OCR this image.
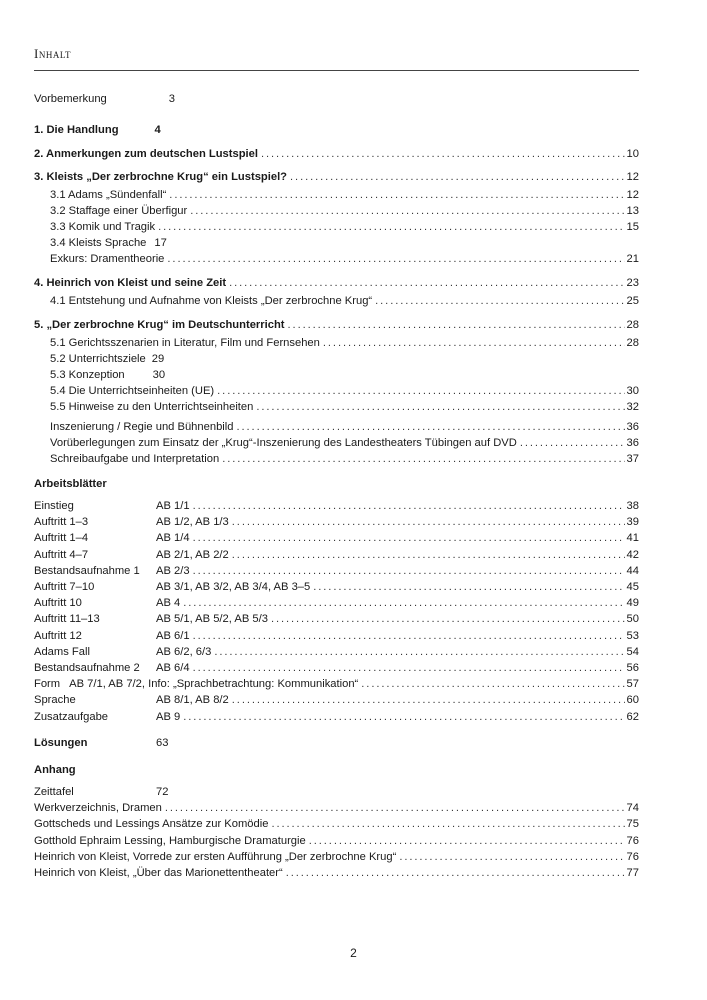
Inhalt
Arbeitsblätter
Lösungen	63
Anhang
Vorbemerkung	3
1. Die Handlung	4
2. Anmerkungen zum deutschen Lustspiel . . .	10
3. Kleists „Der zerbrochne Krug“ ein Lustspiel? . . .	12
3.1 Adams „Sündenfall“ . . .	12
3.2 Staffage einer Überfigur . . .	13
3.3 Komik und Tragik . . .	15
3.4 Kleists Sprache 17
Exkurs: Dramentheorie . . .	21
4. Heinrich von Kleist und seine Zeit . . .	23
4.1 Entstehung und Aufnahme von Kleists „Der zerbrochne Krug“ . . .	25
5. „Der zerbrochne Krug“ im Deutschunterricht . . .	28
5.1 Gerichtsszenarien in Literatur, Film und Fernsehen . . .	28
5.2 Unterrichtsziele 29
5.3 Konzeption	30
5.4 Die Unterrichtseinheiten (UE) . . .	30
5.5 Hinweise zu den Unterrichtseinheiten . . .	32
Inszenierung / Regie und Bühnenbild . . .	36
Vorüberlegungen zum Einsatz der „Krug“-Inszenierung des Landestheaters Tübingen auf DVD . . .	36
Schreibaufgabe und Interpretation . . .	37
Einstieg	AB 1/1 . . .	38
Auftritt 1–3	AB 1/2, AB 1/3 . . .	39
Auftritt 1–4	AB 1/4 . . .	41
Auftritt 4–7	AB 2/1, AB 2/2 . . .	42
Bestandsaufnahme 1	AB 2/3 . . .	44
Auftritt 7–10	AB 3/1, AB 3/2, AB 3/4, AB 3–5 . . .	45
Auftritt 10	AB 4 . . .	49
Auftritt 11–13	AB 5/1, AB 5/2, AB 5/3 . . .	50
Auftritt 12	AB 6/1 . . .	53
Adams Fall	AB 6/2, 6/3 . . .	54
Bestandsaufnahme 2	AB 6/4 . . .	56
Form AB 7/1, AB 7/2, Info: „Sprachbetrachtung: Kommunikation“ . . .	57
Sprache	AB 8/1, AB 8/2 . . .	60
Zusatzaufgabe	AB 9 . . .	62
Zeittafel	72
Werkverzeichnis, Dramen . . .	74
Gottscheds und Lessings Ansätze zur Komödie . . .	75
Gotthold Ephraim Lessing, Hamburgische Dramaturgie . . .	76
Heinrich von Kleist, Vorrede zur ersten Aufführung „Der zerbrochne Krug“ . . .	76
Heinrich von Kleist, „Über das Marionettentheater“ . . .	77
2
